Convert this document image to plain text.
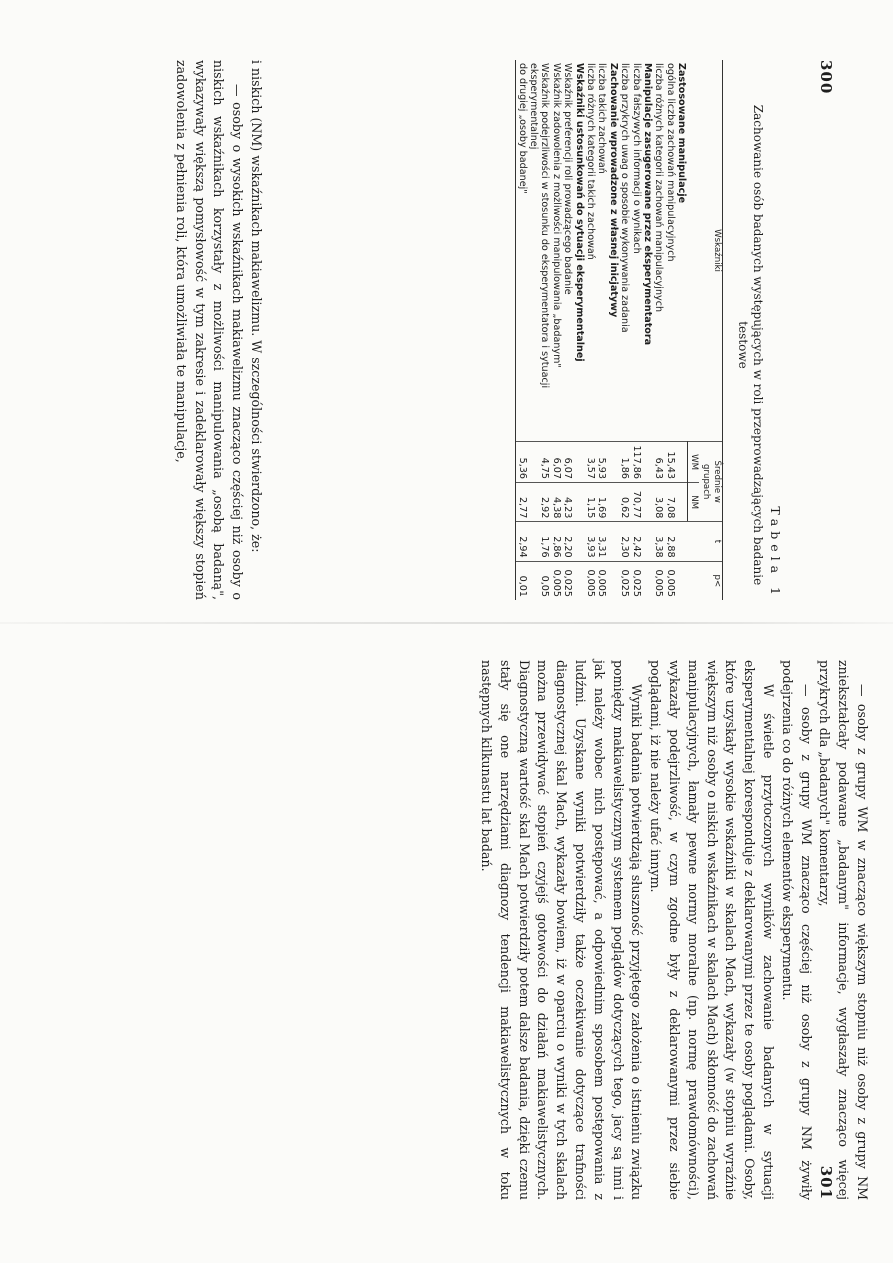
300
Tabela 1
Zachowanie osób badanych występujących w roli przeprowadzających badanie testowe
Wskaźniki	Średnie w grupach		t	p<
	WM	NM		
Zastosowane manipulacje				
ogólna liczba zachowań manipulacyjnych	15,43	7,08	2,88	0,005
liczba różnych kategorii zachowań manipulacyjnych	6,43	3,08	3,38	0,005
Manipulacje zasugerowane przez eksperymentatora				
liczba fałszywych informacji o wynikach	117,86	70,77	2,42	0,025
liczba przykrych uwag o sposobie wykonywania zadania	1,86	0,62	2,30	0,025
Zachowanie wprowadzone z własnej inicjatywy				
liczba takich zachowań	5,93	1,69	3,31	0,005
liczba różnych kategorii takich zachowań	3,57	1,15	3,93	0,005
Wskaźniki ustosunkowań do sytuacji eksperymentalnej				
Wskaźnik preferencji roli prowadzącego badanie	6,07	4,23	2,20	0,025
Wskaźnik zadowolenia z możliwości manipulowania „badanym"	6,07	4,38	2,86	0,005
Wskaźnik podejrzliwości w stosunku do eksperymentatora i sytuacji eksperymentalnej	4,75	2,92	1,76	0,05
do drugiej „osoby badanej"	5,36	2,77	2,94	0,01

i niskich (NM) wskaźnikach makiawelizmu. W szczególności stwierdzono, że:

— osoby o wysokich wskaźnikach makiawelizmu znacząco częściej niż osoby o niskich wskaźnikach korzystały z możliwości manipulowania „osobą badaną", wykazywały większą pomysłowość w tym zakresie i zadeklarowały większy stopień zadowolenia z pełnienia roli, która umożliwiała te manipulacje,

— osoby z grupy WM w znacząco większym stopniu niż osoby z grupy NM zniekształcały podawane „badanym" informacje, wygłaszały znacząco więcej przykrych dla „badanych" komentarzy,

— osoby z grupy WM znacząco częściej niż osoby z grupy NM żywiły podejrzenia co do różnych elementów eksperymentu.

W świetle przytoczonych wyników zachowanie badanych w sytuacji eksperymentalnej koresponduje z deklarowanymi przez te osoby poglądami. Osoby, które uzyskały wysokie wskaźniki w skalach Mach, wykazały (w stopniu wyraźnie większym niż osoby o niskich wskaźnikach w skalach Mach) skłonność do zachowań manipulacyjnych, łamały pewne normy moralne (np. normę prawdomówności), wykazały podejrzliwość, w czym zgodne były z deklarowanymi przez siebie poglądami, iż nie należy ufać innym.

Wyniki badania potwierdzają słuszność przyjętego założenia o istnieniu związku pomiędzy makiawelistycznym systemem poglądów dotyczących tego, jacy są inni i jak należy wobec nich postępować, a odpowiednim sposobem postępowania z ludźmi. Uzyskane wyniki potwierdziły także oczekiwanie dotyczące trafności diagnostycznej skal Mach, wykazały bowiem, iż w oparciu o wyniki w tych skalach można przewidywać stopień czyjejś gotowości do działań makiawelistycznych. Diagnostyczną wartość skal Mach potwierdziły potem dalsze badania, dzięki czemu stały się one narzędziami diagnozy tendencji makiawelistycznych w toku następnych kilkunastu lat badań.

301
